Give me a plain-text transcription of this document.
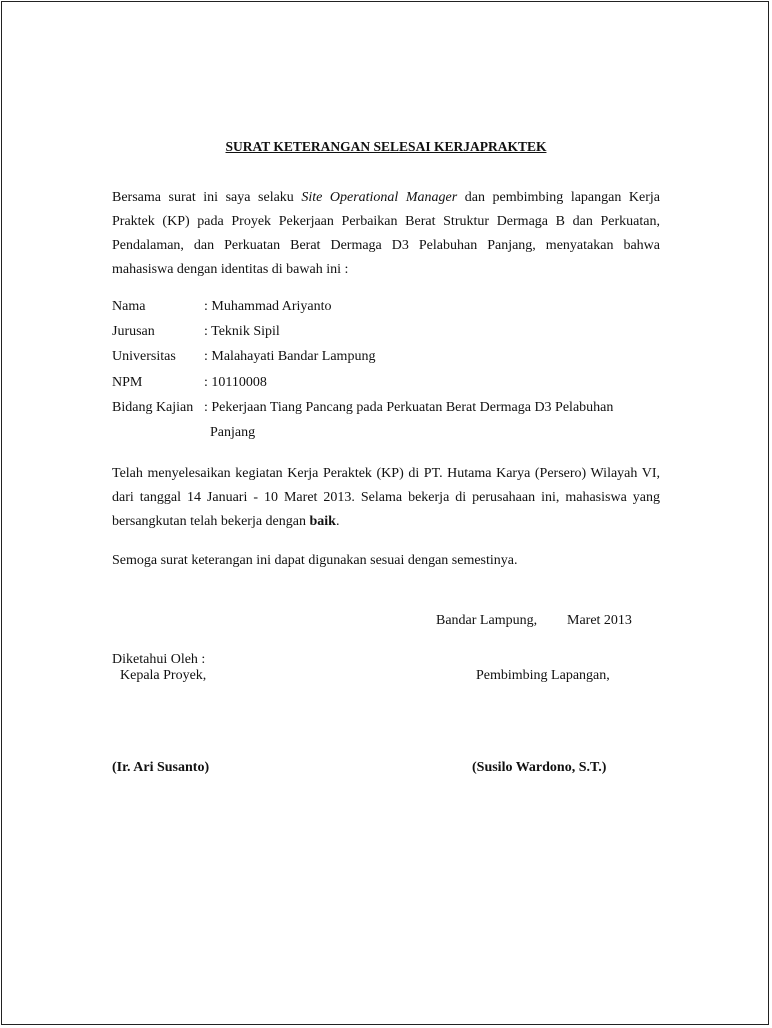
SURAT KETERANGAN SELESAI KERJAPRAKTEK
Bersama surat ini saya selaku Site Operational Manager dan pembimbing lapangan Kerja Praktek (KP) pada Proyek Pekerjaan Perbaikan Berat Struktur Dermaga B dan Perkuatan, Pendalaman, dan Perkuatan Berat Dermaga D3 Pelabuhan Panjang, menyatakan bahwa mahasiswa dengan identitas di bawah ini :
Nama	: Muhammad Ariyanto
Jurusan	: Teknik Sipil
Universitas : Malahayati Bandar Lampung
NPM	: 10110008
Bidang Kajian : Pekerjaan Tiang Pancang pada Perkuatan Berat Dermaga D3 Pelabuhan
Panjang
Telah menyelesaikan kegiatan Kerja Peraktek (KP) di PT. Hutama Karya (Persero) Wilayah VI, dari tanggal 14 Januari - 10 Maret 2013. Selama bekerja di perusahaan ini, mahasiswa yang bersangkutan telah bekerja dengan baik.
Semoga surat keterangan ini dapat digunakan sesuai dengan semestinya.
Bandar Lampung, Maret 2013
Diketahui Oleh :
Kepala Proyek,	Pembimbing Lapangan,
(Ir. Ari Susanto)	(Susilo Wardono, S.T.)
